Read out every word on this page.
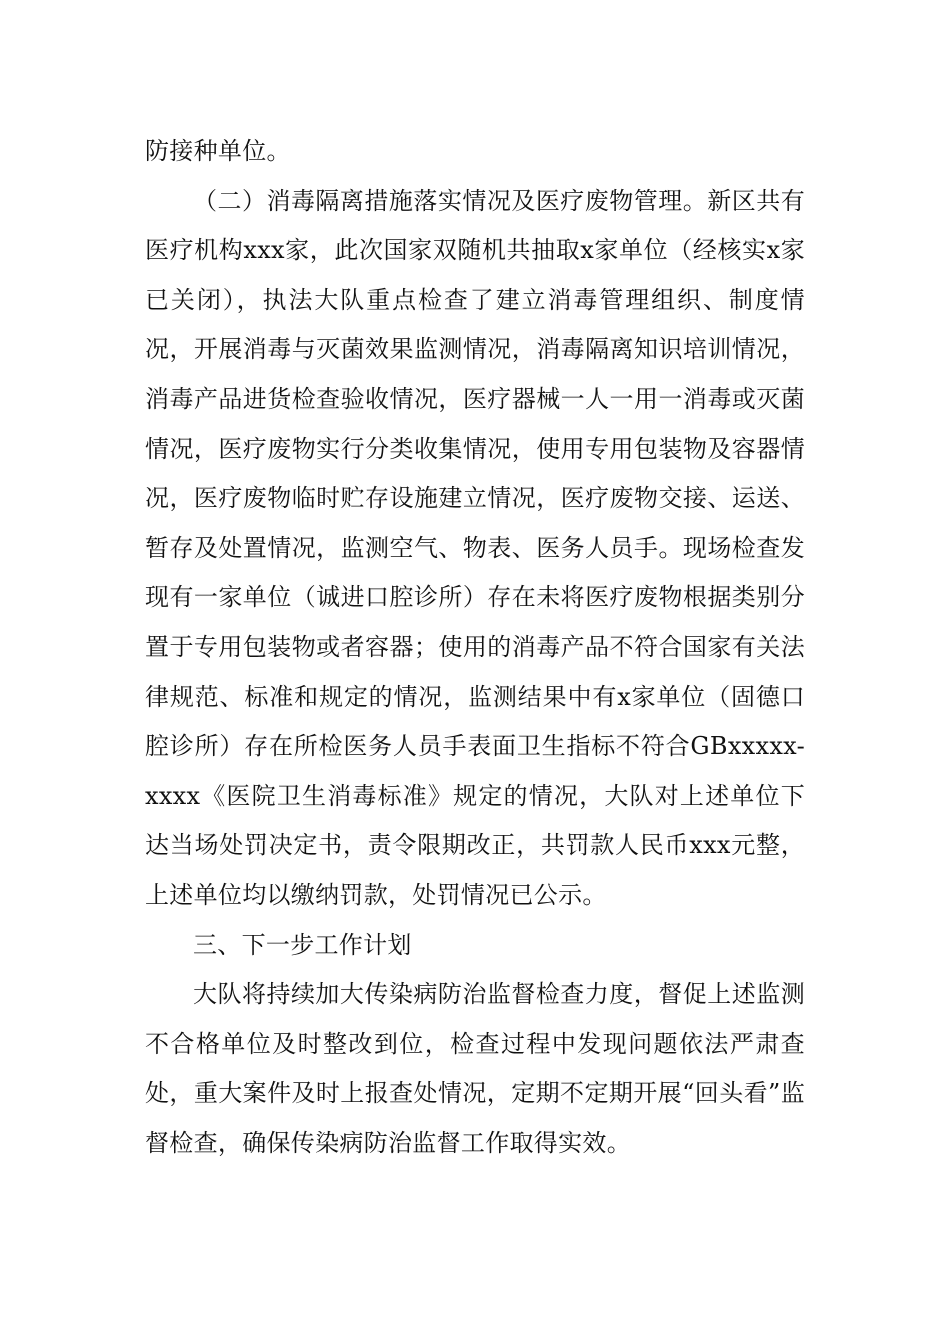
防接种单位。

（二）消毒隔离措施落实情况及医疗废物管理。新区共有医疗机构xxx家，此次国家双随机共抽取x家单位（经核实x家已关闭），执法大队重点检查了建立消毒管理组织、制度情况，开展消毒与灭菌效果监测情况，消毒隔离知识培训情况，消毒产品进货检查验收情况，医疗器械一人一用一消毒或灭菌情况，医疗废物实行分类收集情况，使用专用包装物及容器情况，医疗废物临时贮存设施建立情况，医疗废物交接、运送、暂存及处置情况，监测空气、物表、医务人员手。现场检查发现有一家单位（诚进口腔诊所）存在未将医疗废物根据类别分置于专用包装物或者容器；使用的消毒产品不符合国家有关法律规范、标准和规定的情况，监测结果中有x家单位（固德口腔诊所）存在所检医务人员手表面卫生指标不符合GBxxxxx-xxxx《医院卫生消毒标准》规定的情况，大队对上述单位下达当场处罚决定书，责令限期改正，共罚款人民币xxx元整，上述单位均以缴纳罚款，处罚情况已公示。

三、下一步工作计划

大队将持续加大传染病防治监督检查力度，督促上述监测不合格单位及时整改到位，检查过程中发现问题依法严肃查处，重大案件及时上报查处情况，定期不定期开展“回头看”监督检查，确保传染病防治监督工作取得实效。
